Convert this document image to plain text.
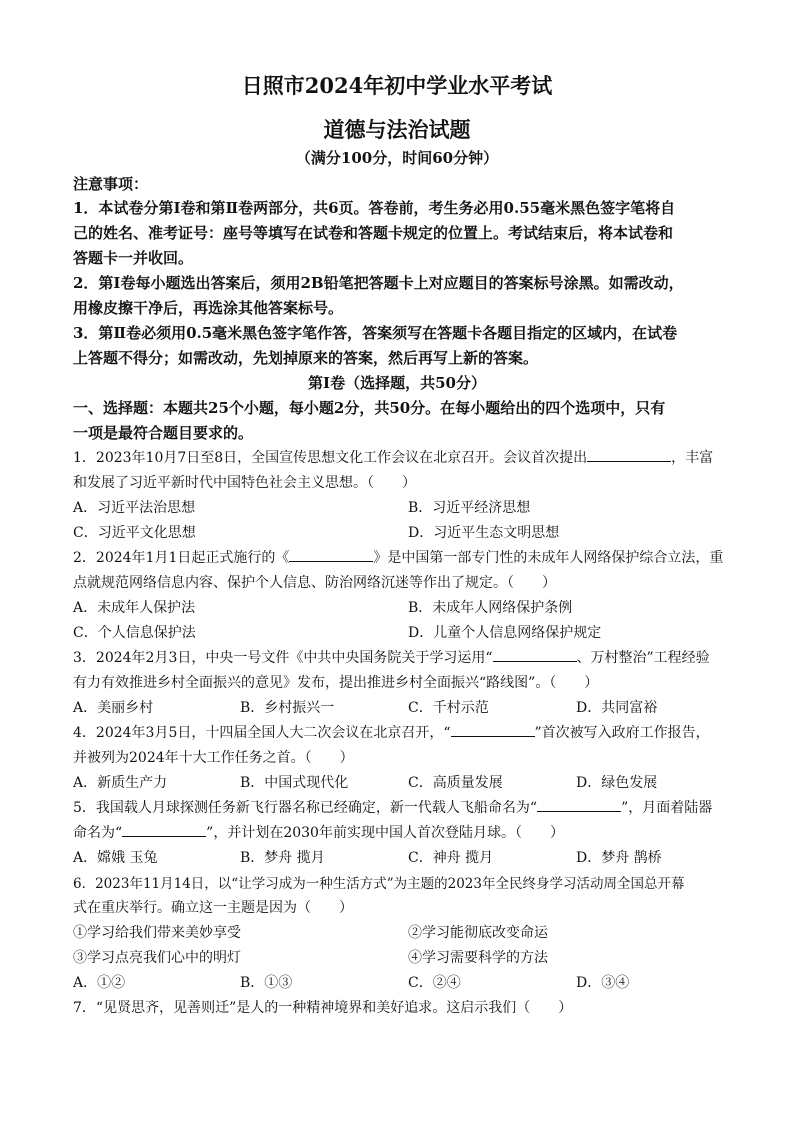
日照市2024年初中学业水平考试
道德与法治试题
（满分100分，时间60分钟）
注意事项：
1．本试卷分第Ⅰ卷和第Ⅱ卷两部分，共6页。答卷前，考生务必用0.55毫米黑色签字笔将自
己的姓名、准考证号：座号等填写在试卷和答题卡规定的位置上。考试结束后，将本试卷和
答题卡一并收回。
2．第Ⅰ卷每小题选出答案后，须用2B铅笔把答题卡上对应题目的答案标号涂黑。如需改动，
用橡皮擦干净后，再选涂其他答案标号。
3．第Ⅱ卷必须用0.5毫米黑色签字笔作答，答案须写在答题卡各题目指定的区域内，在试卷
上答题不得分；如需改动，先划掉原来的答案，然后再写上新的答案。
第Ⅰ卷（选择题，共50分）
一、选择题：本题共25个小题，每小题2分，共50分。在每小题给出的四个选项中，只有
一项是最符合题目要求的。
1．2023年10月7日至8日，全国宣传思想文化工作会议在北京召开。会议首次提出	，丰富
和发展了习近平新时代中国特色社会主义思想。（　　）
A．习近平法治思想	B．习近平经济思想
C．习近平文化思想	D．习近平生态文明思想
2．2024年1月1日起正式施行的《	》是中国第一部专门性的未成年人网络保护综合立法，重
点就规范网络信息内容、保护个人信息、防治网络沉迷等作出了规定。（　　）
A．未成年人保护法	B．未成年人网络保护条例
C．个人信息保护法	D．儿童个人信息网络保护规定
3．2024年2月3日，中央一号文件《中共中央国务院关于学习运用“	、万村整治”工程经验
有力有效推进乡村全面振兴的意见》发布，提出推进乡村全面振兴“路线图”。（　　）
A．美丽乡村	B．乡村振兴一	C．千村示范	D．共同富裕
4．2024年3月5日，十四届全国人大二次会议在北京召开，“	”首次被写入政府工作报告，
并被列为2024年十大工作任务之首。（　　）
A．新质生产力	B．中国式现代化	C．高质量发展	D．绿色发展
5．我国载人月球探测任务新飞行器名称已经确定，新一代载人飞船命名为“	”，月面着陆器
命名为“	”，并计划在2030年前实现中国人首次登陆月球。（　　）
A．嫦娥 玉兔	B．梦舟 揽月	C．神舟 揽月	D．梦舟 鹊桥
6．2023年11月14日，以“让学习成为一种生活方式”为主题的2023年全民终身学习活动周全国总开幕
式在重庆举行。确立这一主题是因为（　　）
①学习给我们带来美妙享受	②学习能彻底改变命运
③学习点亮我们心中的明灯	④学习需要科学的方法
A．①②	B．①③	C．②④	D．③④
7．“见贤思齐，见善则迁”是人的一种精神境界和美好追求。这启示我们（　　）
